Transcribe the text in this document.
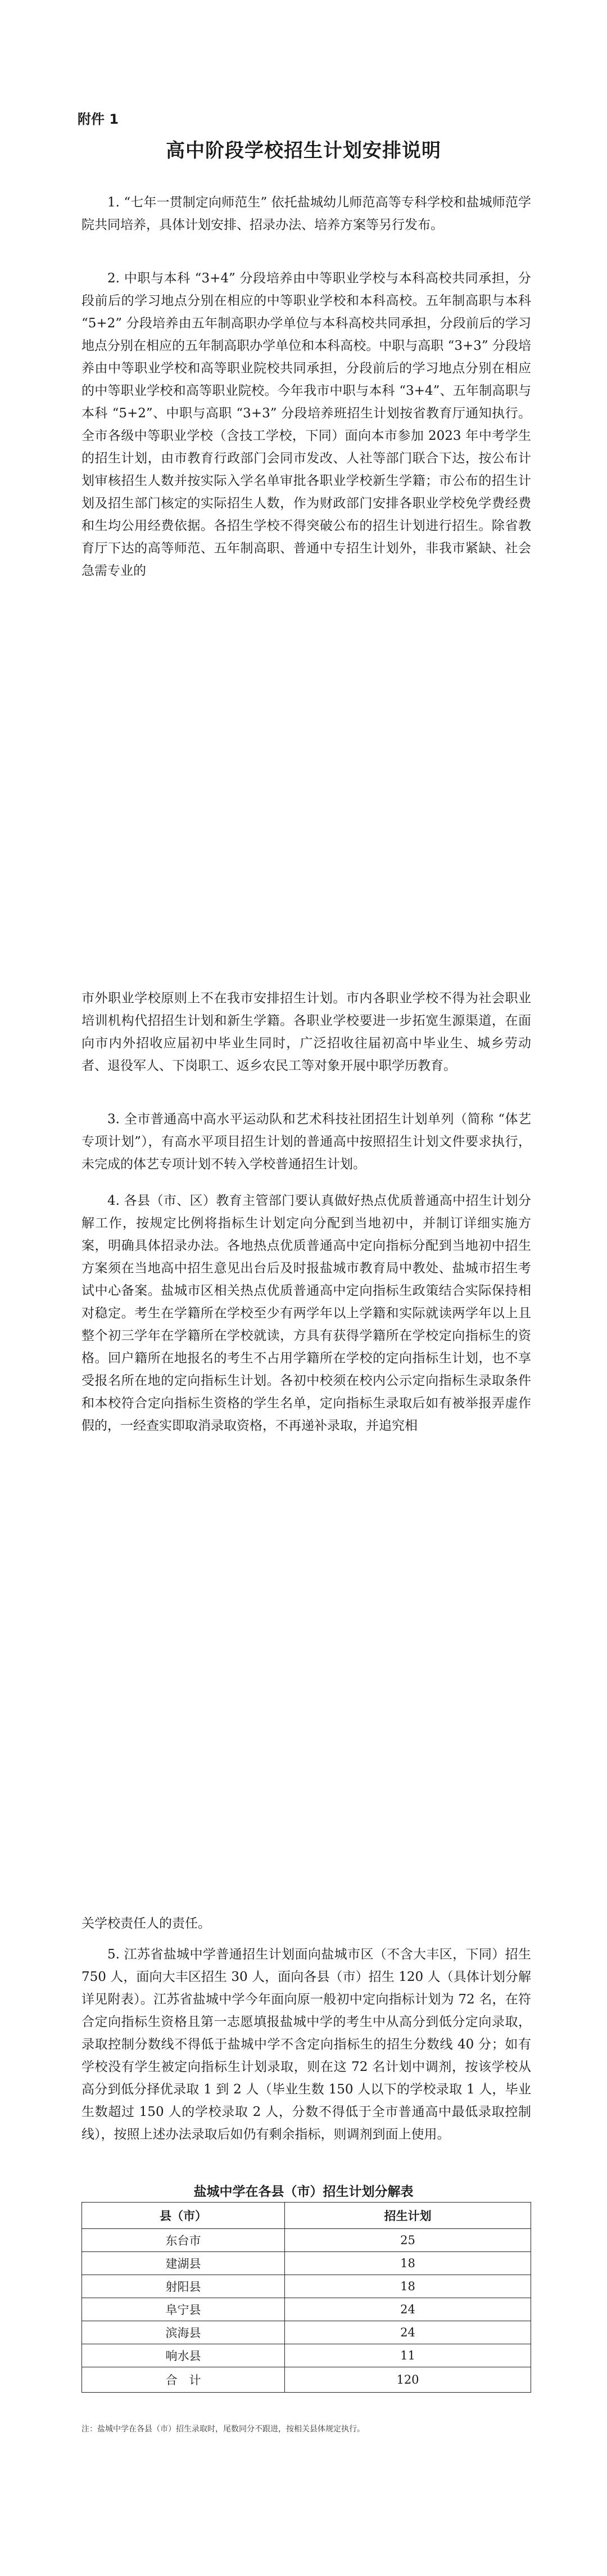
附件 1
高中阶段学校招生计划安排说明

1. “七年一贯制定向师范生” 依托盐城幼儿师范高等专科学校和盐城师范学院共同培养，具体计划安排、招录办法、培养方案等另行发布。

2. 中职与本科 “3+4” 分段培养由中等职业学校与本科高校共同承担，分段前后的学习地点分别在相应的中等职业学校和本科高校。五年制高职与本科 “5+2” 分段培养由五年制高职办学单位与本科高校共同承担，分段前后的学习地点分别在相应的五年制高职办学单位和本科高校。中职与高职 “3+3” 分段培养由中等职业学校和高等职业院校共同承担，分段前后的学习地点分别在相应的中等职业学校和高等职业院校。今年我市中职与本科 “3+4”、五年制高职与本科 “5+2”、中职与高职 “3+3” 分段培养班招生计划按省教育厅通知执行。全市各级中等职业学校（含技工学校，下同）面向本市参加 2023 年中考学生的招生计划，由市教育行政部门会同市发改、人社等部门联合下达，按公布计划审核招生人数并按实际入学名单审批各职业学校新生学籍；市公布的招生计划及招生部门核定的实际招生人数，作为财政部门安排各职业学校免学费经费和生均公用经费依据。各招生学校不得突破公布的招生计划进行招生。除省教育厅下达的高等师范、五年制高职、普通中专招生计划外，非我市紧缺、社会急需专业的

市外职业学校原则上不在我市安排招生计划。市内各职业学校不得为社会职业培训机构代招招生计划和新生学籍。各职业学校要进一步拓宽生源渠道，在面向市内外招收应届初中毕业生同时，广泛招收往届初高中毕业生、城乡劳动者、退役军人、下岗职工、返乡农民工等对象开展中职学历教育。

3. 全市普通高中高水平运动队和艺术科技社团招生计划单列（简称 “体艺专项计划”），有高水平项目招生计划的普通高中按照招生计划文件要求执行，未完成的体艺专项计划不转入学校普通招生计划。

4. 各县（市、区）教育主管部门要认真做好热点优质普通高中招生计划分解工作，按规定比例将指标生计划定向分配到当地初中，并制订详细实施方案，明确具体招录办法。各地热点优质普通高中定向指标分配到当地初中招生方案须在当地高中招生意见出台后及时报盐城市教育局中教处、盐城市招生考试中心备案。盐城市区相关热点优质普通高中定向指标生政策结合实际保持相对稳定。考生在学籍所在学校至少有两学年以上学籍和实际就读两学年以上且整个初三学年在学籍所在学校就读，方具有获得学籍所在学校定向指标生的资格。回户籍所在地报名的考生不占用学籍所在学校的定向指标生计划，也不享受报名所在地的定向指标生计划。各初中校须在校内公示定向指标生录取条件和本校符合定向指标生资格的学生名单，定向指标生录取后如有被举报弄虚作假的，一经查实即取消录取资格，不再递补录取，并追究相

关学校责任人的责任。

5. 江苏省盐城中学普通招生计划面向盐城市区（不含大丰区，下同）招生 750 人，面向大丰区招生 30 人，面向各县（市）招生 120 人（具体计划分解详见附表）。江苏省盐城中学今年面向原一般初中定向指标计划为 72 名，在符合定向指标生资格且第一志愿填报盐城中学的考生中从高分到低分定向录取，录取控制分数线不得低于盐城中学不含定向指标生的招生分数线 40 分；如有学校没有学生被定向指标生计划录取，则在这 72 名计划中调剂，按该学校从高分到低分择优录取 1 到 2 人（毕业生数 150 人以下的学校录取 1 人，毕业生数超过 150 人的学校录取 2 人，分数不得低于全市普通高中最低录取控制线），按照上述办法录取后如仍有剩余指标，则调剂到面上使用。

盐城中学在各县（市）招生计划分解表
县（市）	招生计划
东台市	25
建湖县	18
射阳县	18
阜宁县	24
滨海县	24
响水县	11
合　计	120
注：盐城中学在各县（市）招生录取时，尾数同分不跟进，按相关县体规定执行。
